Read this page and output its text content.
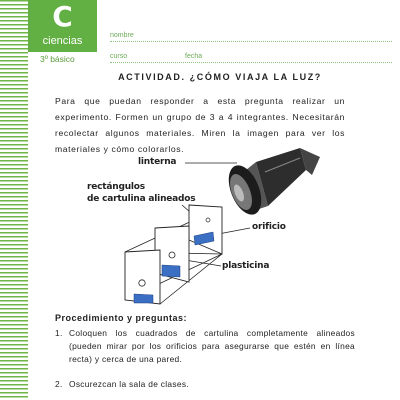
C
ciencias
3º básico
nombre
curso	fecha
ACTIVIDAD. ¿CÓMO VIAJA LA LUZ?
Para que puedan responder a esta pregunta realizar un experimento. Formen un grupo de 3 a 4 integrantes. Necesitarán recolectar algunos materiales. Miren la imagen para ver los materiales y cómo colorarlos.
linterna
rectángulos
de cartulina alineados
orificio
plasticina
Procedimiento y preguntas:
1. Coloquen los cuadrados de cartulina completamente alineados (pueden mirar por los orificios para asegurarse que estén en línea recta) y cerca de una pared.
2. Oscurezcan la sala de clases.
